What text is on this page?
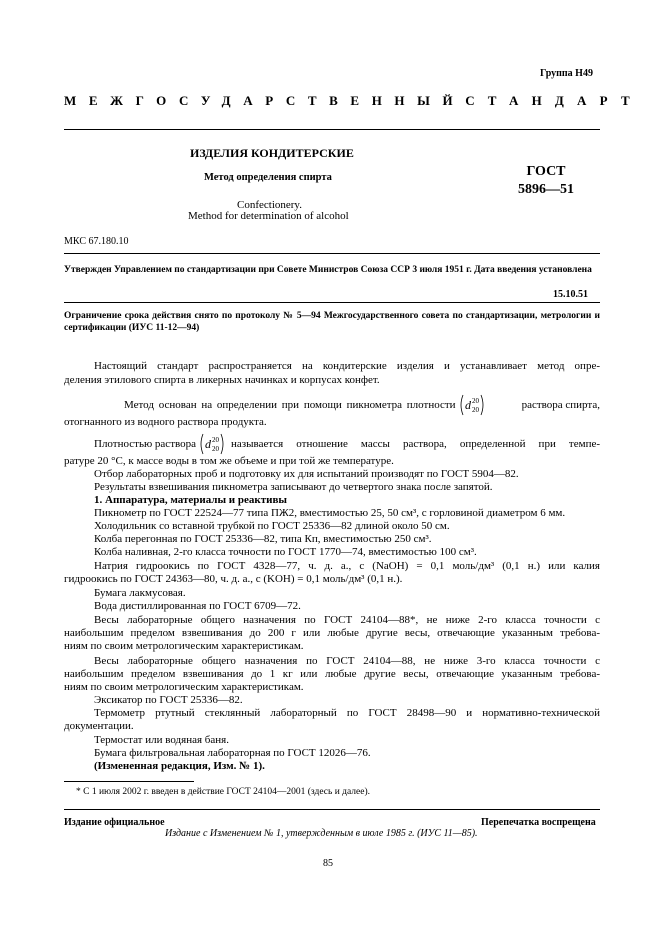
Группа Н49
МЕЖГОСУДАРСТВЕННЫЙ СТАНДАРТ
ИЗДЕЛИЯ КОНДИТЕРСКИЕ
Метод определения спирта	ГОСТ
5896—51
Confectionery.
Method for determination of alcohol
МКС 67.180.10
Утвержден Управлением по стандартизации при Совете Министров Союза ССР 3 июля 1951 г. Дата введения установлена
15.10.51
Ограничение срока действия снято по протоколу № 5—94 Межгосударственного совета по стандартизации, метрологии и сертификации (ИУС 11-12—94)
Настоящий стандарт распространяется на кондитерские изделия и устанавливает метод опре-
деления этилового спирта в ликерных начинках и корпусах конфет.
Метод основан на определении при помощи пикнометра плотности d 20
20	раствора спирта,
отогнанного из водного раствора продукта.
Плотностью раствора d 20
20 называется отношение массы раствора, определенной при темпе-
ратуре 20 °С, к массе воды в том же объеме и при той же температуре.
Отбор лабораторных проб и подготовку их для испытаний производят по ГОСТ 5904—82.
Результаты взвешивания пикнометра записывают до четвертого знака после запятой.
1. Аппаратура, материалы и реактивы
Пикнометр по ГОСТ 22524—77 типа ПЖ2, вместимостью 25, 50 см³, с горловиной диаметром 6 мм.
Холодильник со вставной трубкой по ГОСТ 25336—82 длиной около 50 см.
Колба перегонная по ГОСТ 25336—82, типа Кп, вместимостью 250 см³.
Колба наливная, 2-го класса точности по ГОСТ 1770—74, вместимостью 100 см³.
Натрия гидроокись по ГОСТ 4328—77, ч. д. а., с (NaOH) = 0,1 моль/дм³ (0,1 н.) или калия
гидроокись по ГОСТ 24363—80, ч. д. а., с (KOH) = 0,1 моль/дм³ (0,1 н.).
Бумага лакмусовая.
Вода дистиллированная по ГОСТ 6709—72.
Весы лабораторные общего назначения по ГОСТ 24104—88*, не ниже 2-го класса точности с
наибольшим пределом взвешивания до 200 г или любые другие весы, отвечающие указанным требова-
ниям по своим метрологическим характеристикам.
Весы лабораторные общего назначения по ГОСТ 24104—88, не ниже 3-го класса точности с
наибольшим пределом взвешивания до 1 кг или любые другие весы, отвечающие указанным требова-
ниям по своим метрологическим характеристикам.
Эксикатор по ГОСТ 25336—82.
Термометр ртутный стеклянный лабораторный по ГОСТ 28498—90 и нормативно-технической
документации.
Термостат или водяная баня.
Бумага фильтровальная лабораторная по ГОСТ 12026—76.
(Измененная редакция, Изм. № 1).
* С 1 июля 2002 г. введен в действие ГОСТ 24104—2001 (здесь и далее).
Издание официальное	Перепечатка воспрещена
Издание с Изменением № 1, утвержденным в июле 1985 г. (ИУС 11—85).
85
